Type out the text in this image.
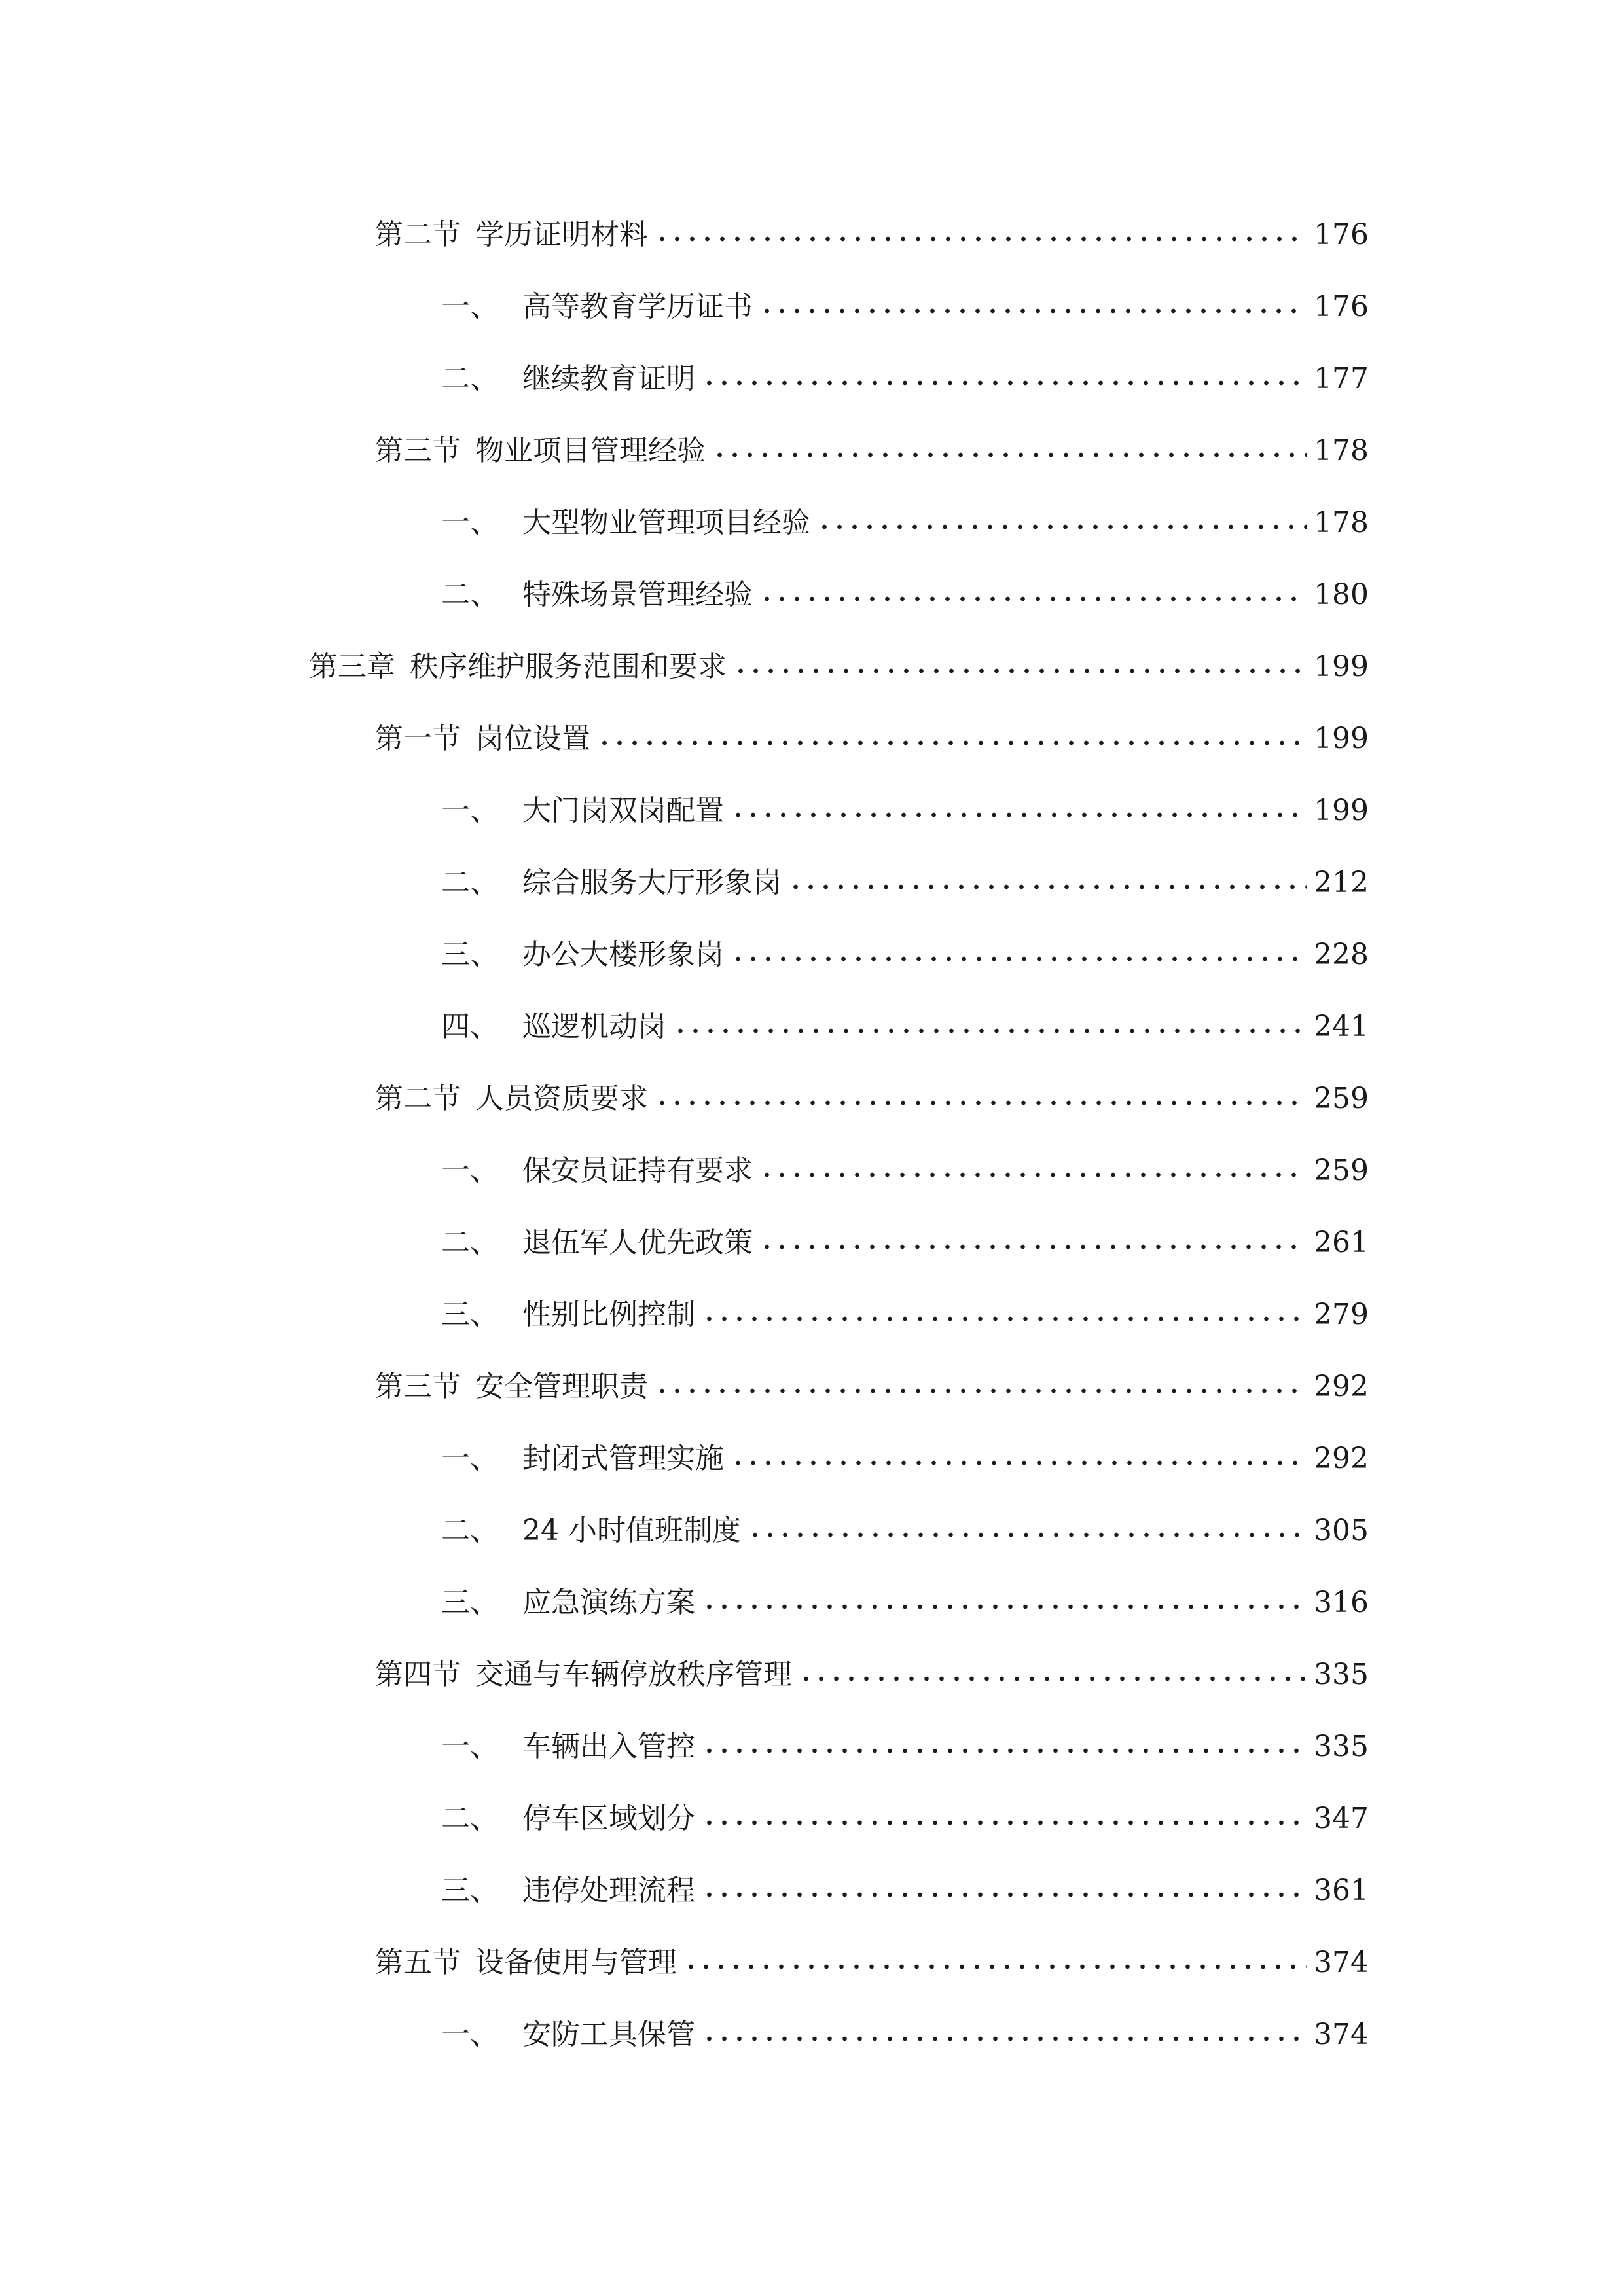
第二节 学历证明材料	176
一、 高等教育学历证书	176
二、 继续教育证明	177
第三节 物业项目管理经验	178
一、 大型物业管理项目经验	178
二、 特殊场景管理经验	180
第三章 秩序维护服务范围和要求	199
第一节 岗位设置	199
一、 大门岗双岗配置	199
二、 综合服务大厅形象岗	212
三、 办公大楼形象岗	228
四、 巡逻机动岗	241
第二节 人员资质要求	259
一、 保安员证持有要求	259
二、 退伍军人优先政策	261
三、 性别比例控制	279
第三节 安全管理职责	292
一、 封闭式管理实施	292
二、 24 小时值班制度	305
三、 应急演练方案	316
第四节 交通与车辆停放秩序管理	335
一、 车辆出入管控	335
二、 停车区域划分	347
三、 违停处理流程	361
第五节 设备使用与管理	374
一、 安防工具保管	374
